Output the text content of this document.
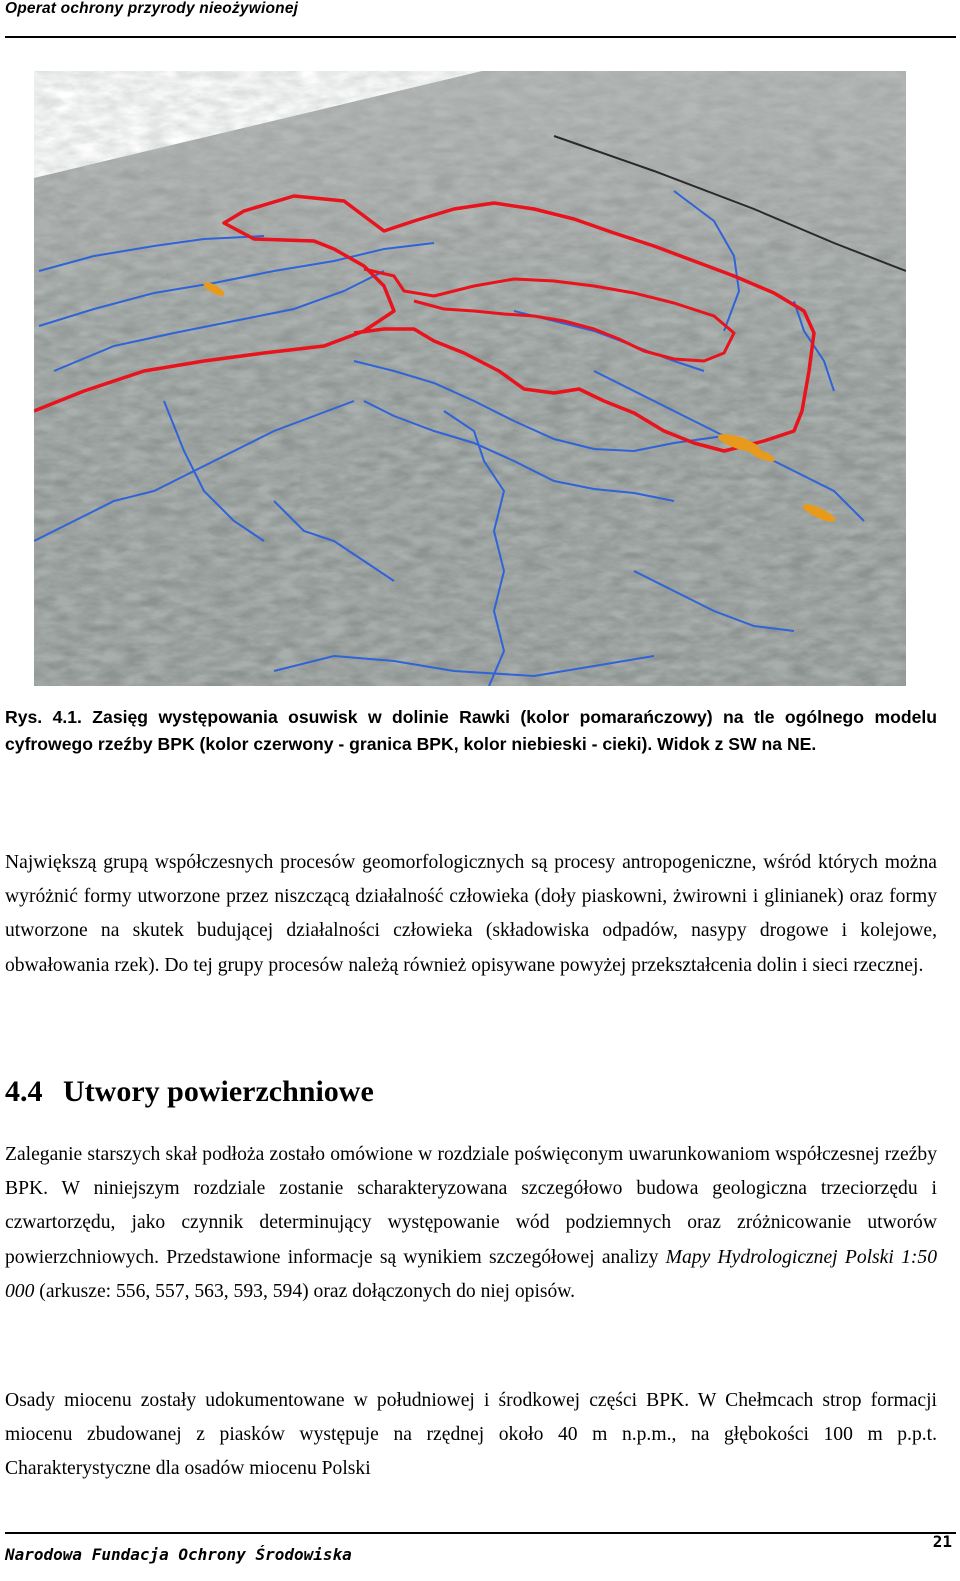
Operat ochrony przyrody nieożywionej
Rys. 4.1. Zasięg występowania osuwisk w dolinie Rawki (kolor pomarańczowy) na tle ogólnego modelu cyfrowego rzeźby BPK (kolor czerwony - granica BPK, kolor niebieski - cieki). Widok z SW na NE.
Największą grupą współczesnych procesów geomorfologicznych są procesy antropogeniczne, wśród których można wyróżnić formy utworzone przez niszczącą działalność człowieka (doły piaskowni, żwirowni i glinianek) oraz formy utworzone na skutek budującej działalności człowieka (składowiska odpadów, nasypy drogowe i kolejowe, obwałowania rzek). Do tej grupy procesów należą również opisywane powyżej przekształcenia dolin i sieci rzecznej.
4.4 Utwory powierzchniowe
Zaleganie starszych skał podłoża zostało omówione w rozdziale poświęconym uwarunkowaniom współczesnej rzeźby BPK. W niniejszym rozdziale zostanie scharakteryzowana szczegółowo budowa geologiczna trzeciorzędu i czwartorzędu, jako czynnik determinujący występowanie wód podziemnych oraz zróżnicowanie utworów powierzchniowych. Przedstawione informacje są wynikiem szczegółowej analizy Mapy Hydrologicznej Polski 1:50 000 (arkusze: 556, 557, 563, 593, 594) oraz dołączonych do niej opisów.
Osady miocenu zostały udokumentowane w południowej i środkowej części BPK. W Chełmcach strop formacji miocenu zbudowanej z piasków występuje na rzędnej około 40 m n.p.m., na głębokości 100 m p.p.t. Charakterystyczne dla osadów miocenu Polski
Narodowa Fundacja Ochrony Środowiska
21
